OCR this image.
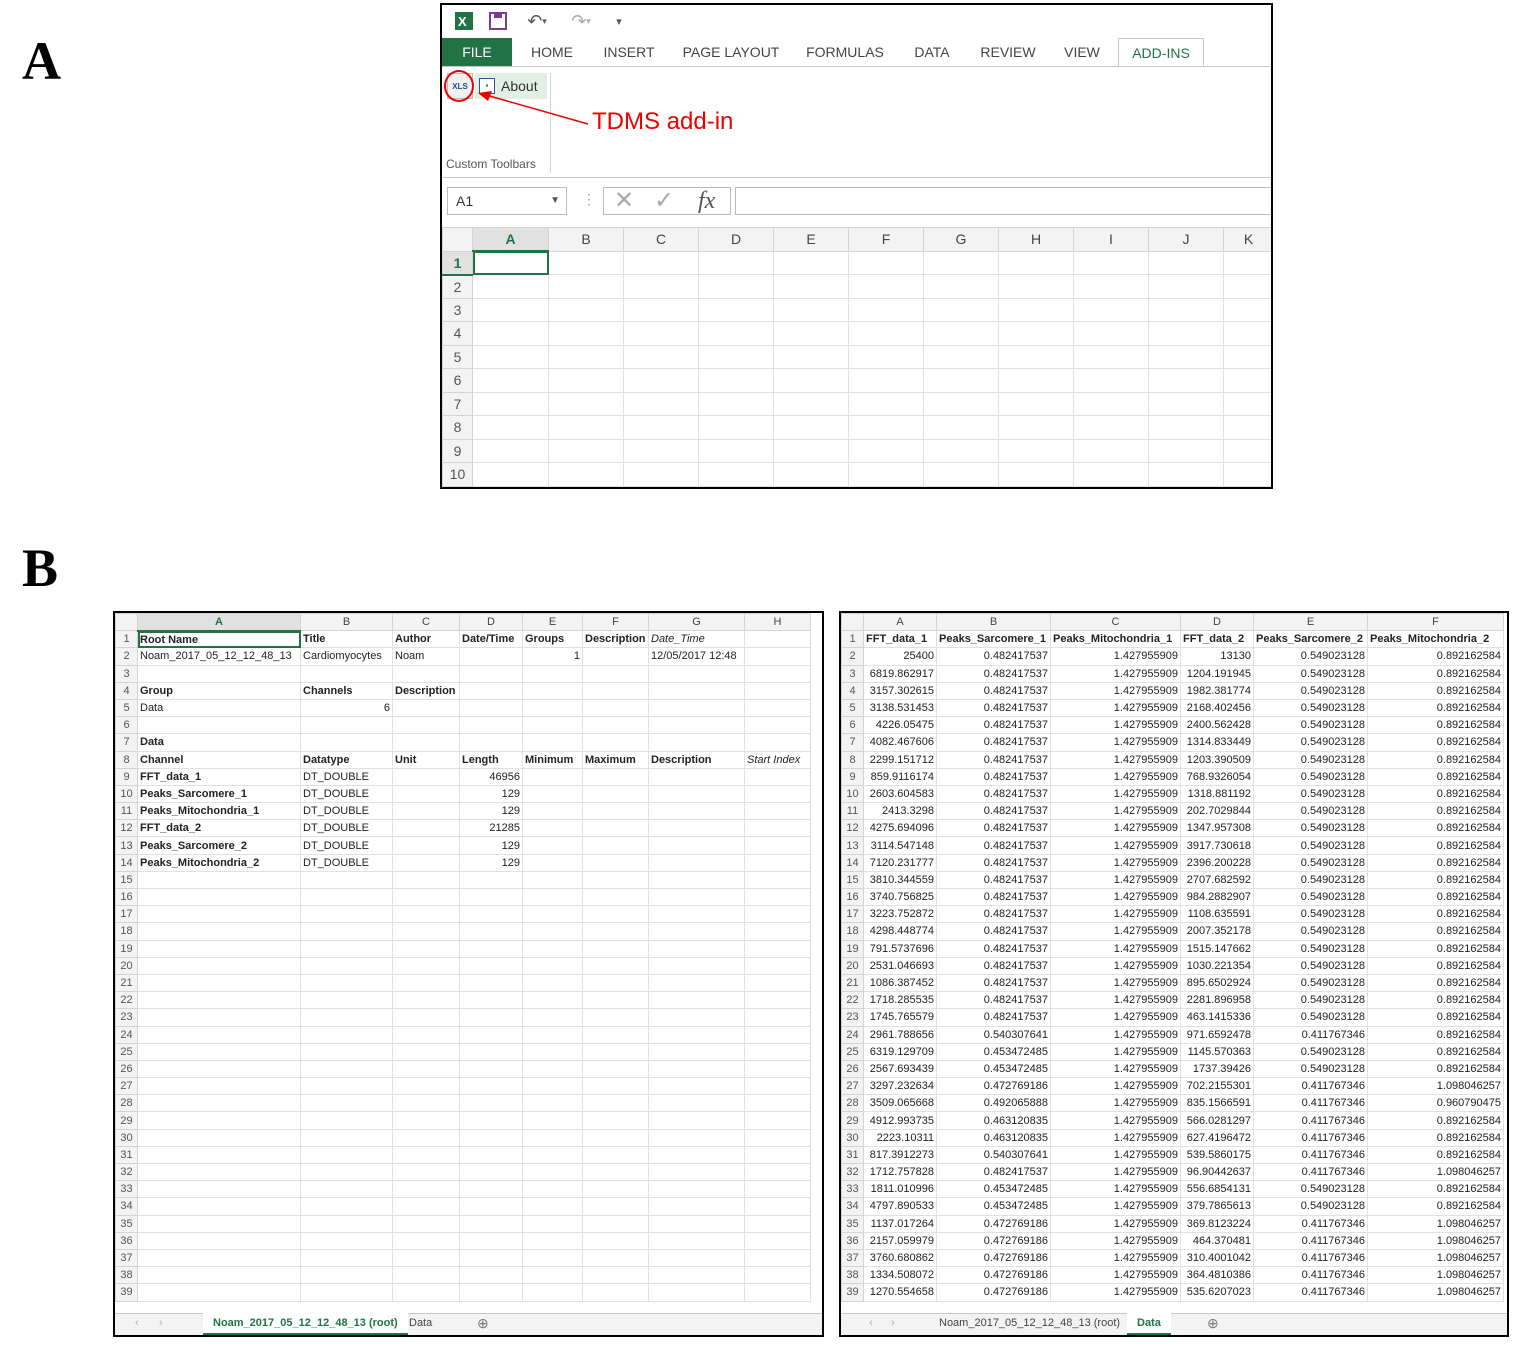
A
B
X	↶ ▾ ↷ ▾	▾
FILE	HOME	INSERT	PAGE LAYOUT	FORMULAS	DATA	REVIEW	VIEW	ADD-INS
XLS	▪ About
Custom Toolbars
TDMS add-in
A1	▼ ⋮ ✕ ✓ fx
	A	B	C	D	E	F	G	H	I	J	K
1											
2											
3											
4											
5											
6											
7											
8											
9											
10											
	A	B	C	D	E	F	G	H
1	Root Name	Title	Author	Date/Time	Groups	Description	Date_Time	
2	Noam_2017_05_12_12_48_13	Cardiomyocytes	Noam		1		12/05/2017 12:48	
3								
4	Group	Channels	Description					
5	Data	6						
6								
7	Data							
8	Channel	Datatype	Unit	Length	Minimum	Maximum	Description	Start Index
9	FFT_data_1	DT_DOUBLE		46956				
10	Peaks_Sarcomere_1	DT_DOUBLE		129				
11	Peaks_Mitochondria_1	DT_DOUBLE		129				
12	FFT_data_2	DT_DOUBLE		21285				
13	Peaks_Sarcomere_2	DT_DOUBLE		129				
14	Peaks_Mitochondria_2	DT_DOUBLE		129				
15								
16								
17								
18								
19								
20								
21								
22								
23								
24								
25								
26								
27								
28								
29								
30								
31								
32								
33								
34								
35								
36								
37								
38								
39								
‹ ›	Noam_2017_05_12_12_48_13 (root)	Data	⊕
	A	B	C	D	E	F
1	FFT_data_1	Peaks_Sarcomere_1	Peaks_Mitochondria_1	FFT_data_2	Peaks_Sarcomere_2	Peaks_Mitochondria_2
2	25400	0.482417537	1.427955909	13130	0.549023128	0.892162584
3	6819.862917	0.482417537	1.427955909	1204.191945	0.549023128	0.892162584
4	3157.302615	0.482417537	1.427955909	1982.381774	0.549023128	0.892162584
5	3138.531453	0.482417537	1.427955909	2168.402456	0.549023128	0.892162584
6	4226.05475	0.482417537	1.427955909	2400.562428	0.549023128	0.892162584
7	4082.467606	0.482417537	1.427955909	1314.833449	0.549023128	0.892162584
8	2299.151712	0.482417537	1.427955909	1203.390509	0.549023128	0.892162584
9	859.9116174	0.482417537	1.427955909	768.9326054	0.549023128	0.892162584
10	2603.604583	0.482417537	1.427955909	1318.881192	0.549023128	0.892162584
11	2413.3298	0.482417537	1.427955909	202.7029844	0.549023128	0.892162584
12	4275.694096	0.482417537	1.427955909	1347.957308	0.549023128	0.892162584
13	3114.547148	0.482417537	1.427955909	3917.730618	0.549023128	0.892162584
14	7120.231777	0.482417537	1.427955909	2396.200228	0.549023128	0.892162584
15	3810.344559	0.482417537	1.427955909	2707.682592	0.549023128	0.892162584
16	3740.756825	0.482417537	1.427955909	984.2882907	0.549023128	0.892162584
17	3223.752872	0.482417537	1.427955909	1108.635591	0.549023128	0.892162584
18	4298.448774	0.482417537	1.427955909	2007.352178	0.549023128	0.892162584
19	791.5737696	0.482417537	1.427955909	1515.147662	0.549023128	0.892162584
20	2531.046693	0.482417537	1.427955909	1030.221354	0.549023128	0.892162584
21	1086.387452	0.482417537	1.427955909	895.6502924	0.549023128	0.892162584
22	1718.285535	0.482417537	1.427955909	2281.896958	0.549023128	0.892162584
23	1745.765579	0.482417537	1.427955909	463.1415336	0.549023128	0.892162584
24	2961.788656	0.540307641	1.427955909	971.6592478	0.411767346	0.892162584
25	6319.129709	0.453472485	1.427955909	1145.570363	0.549023128	0.892162584
26	2567.693439	0.453472485	1.427955909	1737.39426	0.549023128	0.892162584
27	3297.232634	0.472769186	1.427955909	702.2155301	0.411767346	1.098046257
28	3509.065668	0.492065888	1.427955909	835.1566591	0.411767346	0.960790475
29	4912.993735	0.463120835	1.427955909	566.0281297	0.411767346	0.892162584
30	2223.10311	0.463120835	1.427955909	627.4196472	0.411767346	0.892162584
31	817.3912273	0.540307641	1.427955909	539.5860175	0.411767346	0.892162584
32	1712.757828	0.482417537	1.427955909	96.90442637	0.411767346	1.098046257
33	1811.010996	0.453472485	1.427955909	556.6854131	0.549023128	0.892162584
34	4797.890533	0.453472485	1.427955909	379.7865613	0.549023128	0.892162584
35	1137.017264	0.472769186	1.427955909	369.8123224	0.411767346	1.098046257
36	2157.059979	0.472769186	1.427955909	464.370481	0.411767346	1.098046257
37	3760.680862	0.472769186	1.427955909	310.4001042	0.411767346	1.098046257
38	1334.508072	0.472769186	1.427955909	364.4810386	0.411767346	1.098046257
39	1270.554658	0.472769186	1.427955909	535.6207023	0.411767346	1.098046257
‹ ›	Noam_2017_05_12_12_48_13 (root)	Data	⊕
